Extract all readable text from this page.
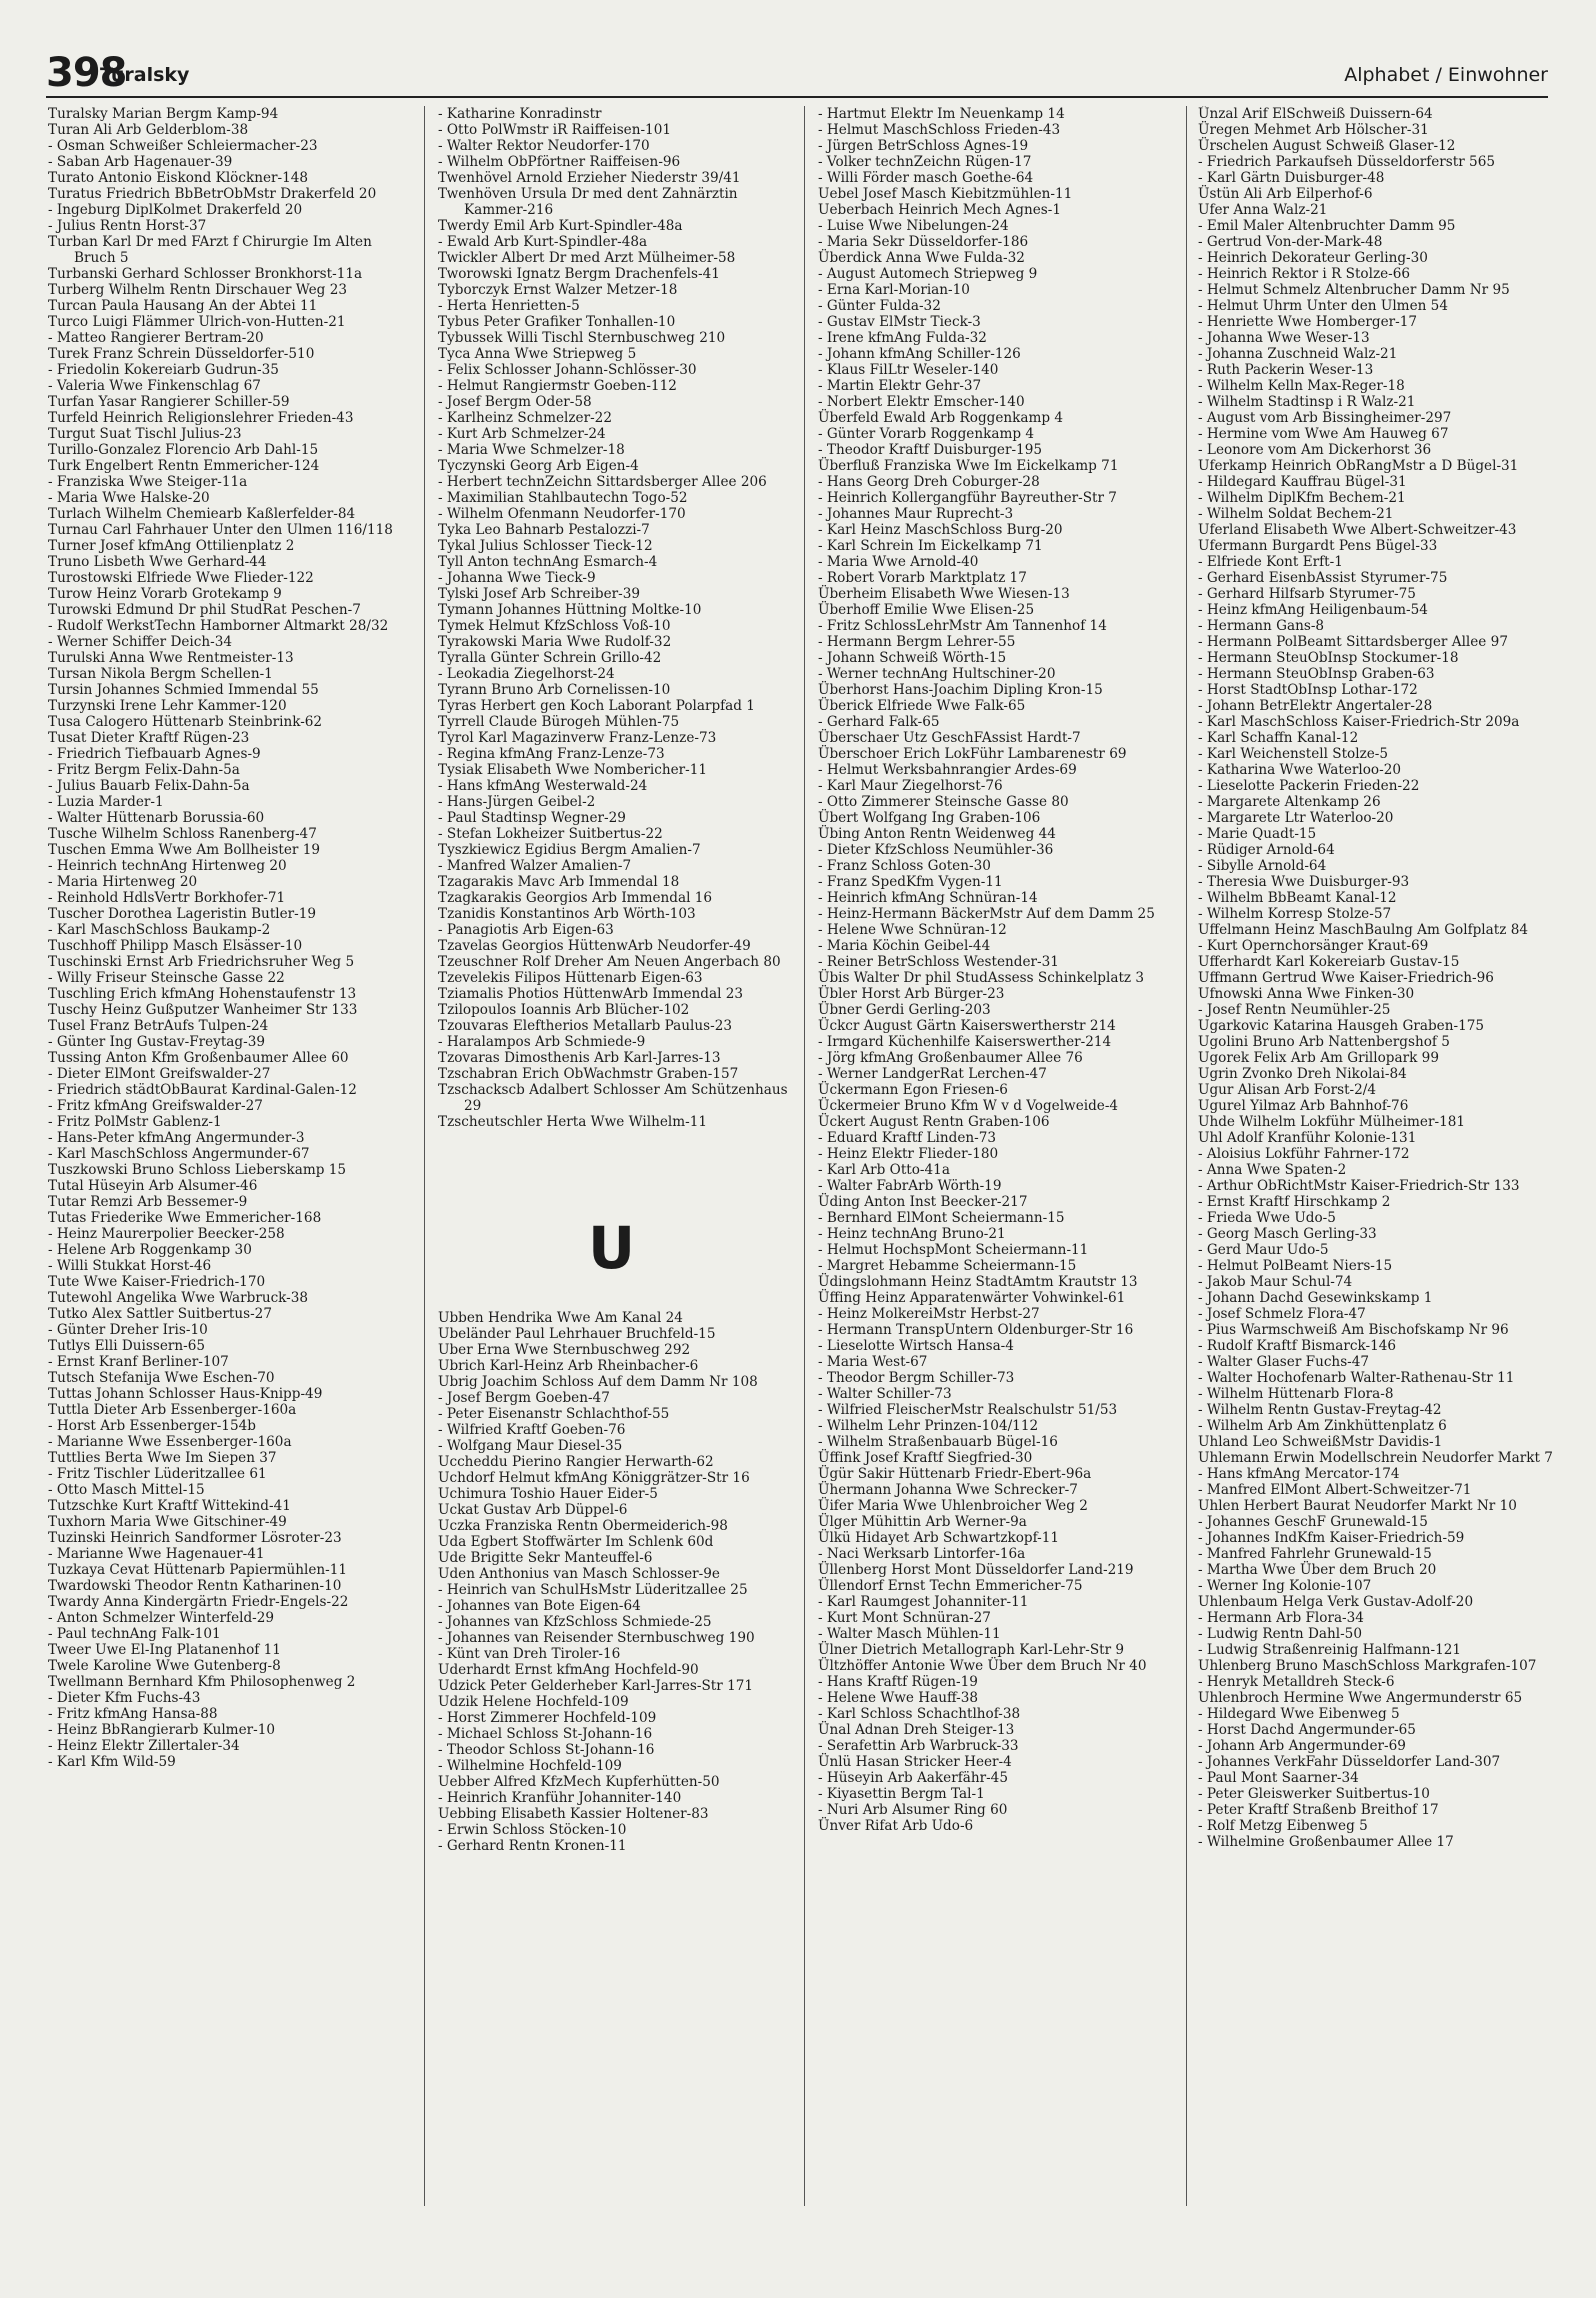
398
Turalsky	Alphabet / Einwohner
Turalsky Marian Bergm Kamp-94
Turan Ali Arb Gelderblom-38
- Osman Schweißer Schleiermacher-23
- Saban Arb Hagenauer-39
Turato Antonio Eiskond Klöckner-148
Turatus Friedrich BbBetrObMstr Drakerfeld 20
- Ingeburg DiplKolmet Drakerfeld 20
- Julius Rentn Horst-37
Turban Karl Dr med FArzt f Chirurgie Im Alten Bruch 5
Turbanski Gerhard Schlosser Bronkhorst-11a
Turberg Wilhelm Rentn Dirschauer Weg 23
Turcan Paula Hausang An der Abtei 11
Turco Luigi Flämmer Ulrich-von-Hutten-21
- Matteo Rangierer Bertram-20
Turek Franz Schrein Düsseldorfer-510
- Friedolin Kokereiarb Gudrun-35
- Valeria Wwe Finkenschlag 67
Turfan Yasar Rangierer Schiller-59
Turfeld Heinrich Religionslehrer Frieden-43
Turgut Suat Tischl Julius-23
Turillo-Gonzalez Florencio Arb Dahl-15
Turk Engelbert Rentn Emmericher-124
- Franziska Wwe Steiger-11a
- Maria Wwe Halske-20
Turlach Wilhelm Chemiearb Kaßlerfelder-84
Turnau Carl Fahrhauer Unter den Ulmen 116/118
Turner Josef kfmAng Ottilienplatz 2
Truno Lisbeth Wwe Gerhard-44
Turostowski Elfriede Wwe Flieder-122
Turow Heinz Vorarb Grotekamp 9
Turowski Edmund Dr phil StudRat Peschen-7
- Rudolf WerkstTechn Hamborner Altmarkt 28/32
- Werner Schiffer Deich-34
Turulski Anna Wwe Rentmeister-13
Tursan Nikola Bergm Schellen-1
Tursin Johannes Schmied Immendal 55
Turzynski Irene Lehr Kammer-120
Tusa Calogero Hüttenarb Steinbrink-62
Tusat Dieter Kraftf Rügen-23
- Friedrich Tiefbauarb Agnes-9
- Fritz Bergm Felix-Dahn-5a
- Julius Bauarb Felix-Dahn-5a
- Luzia Marder-1
- Walter Hüttenarb Borussia-60
Tusche Wilhelm Schloss Ranenberg-47
Tuschen Emma Wwe Am Bollheister 19
- Heinrich technAng Hirtenweg 20
- Maria Hirtenweg 20
- Reinhold HdlsVertr Borkhofer-71
Tuscher Dorothea Lageristin Butler-19
- Karl MaschSchloss Baukamp-2
Tuschhoff Philipp Masch Elsässer-10
Tuschinski Ernst Arb Friedrichsruher Weg 5
- Willy Friseur Steinsche Gasse 22
Tuschling Erich kfmAng Hohenstaufenstr 13
Tuschy Heinz Gußputzer Wanheimer Str 133
Tusel Franz BetrAufs Tulpen-24
- Günter Ing Gustav-Freytag-39
Tussing Anton Kfm Großenbaumer Allee 60
- Dieter ElMont Greifswalder-27
- Friedrich städtObBaurat Kardinal-Galen-12
- Fritz kfmAng Greifswalder-27
- Fritz PolMstr Gablenz-1
- Hans-Peter kfmAng Angermunder-3
- Karl MaschSchloss Angermunder-67
Tuszkowski Bruno Schloss Lieberskamp 15
Tutal Hüseyin Arb Alsumer-46
Tutar Remzi Arb Bessemer-9
Tutas Friederike Wwe Emmericher-168
- Heinz Maurerpolier Beecker-258
- Helene Arb Roggenkamp 30
- Willi Stukkat Horst-46
Tute Wwe Kaiser-Friedrich-170
Tutewohl Angelika Wwe Warbruck-38
Tutko Alex Sattler Suitbertus-27
- Günter Dreher Iris-10
Tutlys Elli Duissern-65
- Ernst Kranf Berliner-107
Tutsch Stefanija Wwe Eschen-70
Tuttas Johann Schlosser Haus-Knipp-49
Tuttla Dieter Arb Essenberger-160a
- Horst Arb Essenberger-154b
- Marianne Wwe Essenberger-160a
Tuttlies Berta Wwe Im Siepen 37
- Fritz Tischler Lüderitzallee 61
- Otto Masch Mittel-15
Tutzschke Kurt Kraftf Wittekind-41
Tuxhorn Maria Wwe Gitschiner-49
Tuzinski Heinrich Sandformer Lösroter-23
- Marianne Wwe Hagenauer-41
Tuzkaya Cevat Hüttenarb Papiermühlen-11
Twardowski Theodor Rentn Katharinen-10
Twardy Anna Kindergärtn Friedr-Engels-22
- Anton Schmelzer Winterfeld-29
- Paul technAng Falk-101
Tweer Uwe El-Ing Platanenhof 11
Twele Karoline Wwe Gutenberg-8
Twellmann Bernhard Kfm Philosophenweg 2
- Dieter Kfm Fuchs-43
- Fritz kfmAng Hansa-88
- Heinz BbRangierarb Kulmer-10
- Heinz Elektr Zillertaler-34
- Karl Kfm Wild-59
- Katharine Konradinstr
- Otto PolWmstr iR Raiffeisen-101
- Walter Rektor Neudorfer-170
- Wilhelm ObPförtner Raiffeisen-96
Twenhövel Arnold Erzieher Niederstr 39/41
Twenhöven Ursula Dr med dent Zahnärztin Kammer-216
Twerdy Emil Arb Kurt-Spindler-48a
- Ewald Arb Kurt-Spindler-48a
Twickler Albert Dr med Arzt Mülheimer-58
Tworowski Ignatz Bergm Drachenfels-41
Tyborczyk Ernst Walzer Metzer-18
- Herta Henrietten-5
Tybus Peter Grafiker Tonhallen-10
Tybussek Willi Tischl Sternbuschweg 210
Tyca Anna Wwe Striepweg 5
- Felix Schlosser Johann-Schlösser-30
- Helmut Rangiermstr Goeben-112
- Josef Bergm Oder-58
- Karlheinz Schmelzer-22
- Kurt Arb Schmelzer-24
- Maria Wwe Schmelzer-18
Tyczynski Georg Arb Eigen-4
- Herbert technZeichn Sittardsberger Allee 206
- Maximilian Stahlbautechn Togo-52
- Wilhelm Ofenmann Neudorfer-170
Tyka Leo Bahnarb Pestalozzi-7
Tykal Julius Schlosser Tieck-12
Tyll Anton technAng Esmarch-4
- Johanna Wwe Tieck-9
Tylski Josef Arb Schreiber-39
Tymann Johannes Hüttning Moltke-10
Tymek Helmut KfzSchloss Voß-10
Tyrakowski Maria Wwe Rudolf-32
Tyralla Günter Schrein Grillo-42
- Leokadia Ziegelhorst-24
Tyrann Bruno Arb Cornelissen-10
Tyras Herbert gen Koch Laborant Polarpfad 1
Tyrrell Claude Bürogeh Mühlen-75
Tyrol Karl Magazinverw Franz-Lenze-73
- Regina kfmAng Franz-Lenze-73
Tysiak Elisabeth Wwe Nombericher-11
- Hans kfmAng Westerwald-24
- Hans-Jürgen Geibel-2
- Paul Stadtinsp Wegner-29
- Stefan Lokheizer Suitbertus-22
Tyszkiewicz Egidius Bergm Amalien-7
- Manfred Walzer Amalien-7
Tzagarakis Mavc Arb Immendal 18
Tzagkarakis Georgios Arb Immendal 16
Tzanidis Konstantinos Arb Wörth-103
- Panagiotis Arb Eigen-63
Tzavelas Georgios HüttenwArb Neudorfer-49
Tzeuschner Rolf Dreher Am Neuen Angerbach 80
Tzevelekis Filipos Hüttenarb Eigen-63
Tziamalis Photios HüttenwArb Immendal 23
Tzilopoulos Ioannis Arb Blücher-102
Tzouvaras Eleftherios Metallarb Paulus-23
- Haralampos Arb Schmiede-9
Tzovaras Dimosthenis Arb Karl-Jarres-13
Tzschabran Erich ObWachmstr Graben-157
Tzschackscb Adalbert Schlosser Am Schützenhaus 29
Tzscheutschler Herta Wwe Wilhelm-11
U
Ubben Hendrika Wwe Am Kanal 24
Ubeländer Paul Lehrhauer Bruchfeld-15
Uber Erna Wwe Sternbuschweg 292
Ubrich Karl-Heinz Arb Rheinbacher-6
Ubrig Joachim Schloss Auf dem Damm Nr 108
- Josef Bergm Goeben-47
- Peter Eisenanstr Schlachthof-55
- Wilfried Kraftf Goeben-76
- Wolfgang Maur Diesel-35
Uccheddu Pierino Rangier Herwarth-62
Uchdorf Helmut kfmAng Königgrätzer-Str 16
Uchimura Toshio Hauer Eider-5
Uckat Gustav Arb Düppel-6
Uczka Franziska Rentn Obermeiderich-98
Uda Egbert Stoffwärter Im Schlenk 60d
Ude Brigitte Sekr Manteuffel-6
Uden Anthonius van Masch Schlosser-9e
- Heinrich van SchulHsMstr Lüderitzallee 25
- Johannes van Bote Eigen-64
- Johannes van KfzSchloss Schmiede-25
- Johannes van Reisender Sternbuschweg 190
- Künt van Dreh Tiroler-16
Uderhardt Ernst kfmAng Hochfeld-90
Udzick Peter Gelderheber Karl-Jarres-Str 171
Udzik Helene Hochfeld-109
- Horst Zimmerer Hochfeld-109
- Michael Schloss St-Johann-16
- Theodor Schloss St-Johann-16
- Wilhelmine Hochfeld-109
Uebber Alfred KfzMech Kupferhütten-50
- Heinrich Kranführ Johanniter-140
Uebbing Elisabeth Kassier Holtener-83
- Erwin Schloss Stöcken-10
- Gerhard Rentn Kronen-11
- Hartmut Elektr Im Neuenkamp 14
- Helmut MaschSchloss Frieden-43
- Jürgen BetrSchloss Agnes-19
- Volker technZeichn Rügen-17
- Willi Förder masch Goethe-64
Uebel Josef Masch Kiebitzmühlen-11
Ueberbach Heinrich Mech Agnes-1
- Luise Wwe Nibelungen-24
- Maria Sekr Düsseldorfer-186
Überdick Anna Wwe Fulda-32
- August Automech Striepweg 9
- Erna Karl-Morian-10
- Günter Fulda-32
- Gustav ElMstr Tieck-3
- Irene kfmAng Fulda-32
- Johann kfmAng Schiller-126
- Klaus FilLtr Weseler-140
- Martin Elektr Gehr-37
- Norbert Elektr Emscher-140
Überfeld Ewald Arb Roggenkamp 4
- Günter Vorarb Roggenkamp 4
- Theodor Kraftf Duisburger-195
Überfluß Franziska Wwe Im Eickelkamp 71
- Hans Georg Dreh Coburger-28
- Heinrich Kollergangführ Bayreuther-Str 7
- Johannes Maur Ruprecht-3
- Karl Heinz MaschSchloss Burg-20
- Karl Schrein Im Eickelkamp 71
- Maria Wwe Arnold-40
- Robert Vorarb Marktplatz 17
Überheim Elisabeth Wwe Wiesen-13
Überhoff Emilie Wwe Elisen-25
- Fritz SchlossLehrMstr Am Tannenhof 14
- Hermann Bergm Lehrer-55
- Johann Schweiß Wörth-15
- Werner technAng Hultschiner-20
Überhorst Hans-Joachim Dipling Kron-15
Überick Elfriede Wwe Falk-65
- Gerhard Falk-65
Überschaer Utz GeschFAssist Hardt-7
Überschoer Erich LokFühr Lambarenestr 69
- Helmut Werksbahnrangier Ardes-69
- Karl Maur Ziegelhorst-76
- Otto Zimmerer Steinsche Gasse 80
Übert Wolfgang Ing Graben-106
Übing Anton Rentn Weidenweg 44
- Dieter KfzSchloss Neumühler-36
- Franz Schloss Goten-30
- Franz SpedKfm Vygen-11
- Heinrich kfmAng Schnüran-14
- Heinz-Hermann BäckerMstr Auf dem Damm 25
- Helene Wwe Schnüran-12
- Maria Köchin Geibel-44
- Reiner BetrSchloss Westender-31
Übis Walter Dr phil StudAssess Schinkelplatz 3
Übler Horst Arb Bürger-23
Übner Gerdi Gerling-203
Ückcr August Gärtn Kaiserswertherstr 214
- Irmgard Küchenhilfe Kaiserswerther-214
- Jörg kfmAng Großenbaumer Allee 76
- Werner LandgerRat Lerchen-47
Ückermann Egon Friesen-6
Ückermeier Bruno Kfm W v d Vogelweide-4
Ückert August Rentn Graben-106
- Eduard Kraftf Linden-73
- Heinz Elektr Flieder-180
- Karl Arb Otto-41a
- Walter FabrArb Wörth-19
Üding Anton Inst Beecker-217
- Bernhard ElMont Scheiermann-15
- Heinz technAng Bruno-21
- Helmut HochspMont Scheiermann-11
- Margret Hebamme Scheiermann-15
Üdingslohmann Heinz StadtAmtm Krautstr 13
Üffing Heinz Apparatenwärter Vohwinkel-61
- Heinz MolkereiMstr Herbst-27
- Hermann TranspUntern Oldenburger-Str 16
- Lieselotte Wirtsch Hansa-4
- Maria West-67
- Theodor Bergm Schiller-73
- Walter Schiller-73
- Wilfried FleischerMstr Realschulstr 51/53
- Wilhelm Lehr Prinzen-104/112
- Wilhelm Straßenbauarb Bügel-16
Üffink Josef Kraftf Siegfried-30
Ügür Sakir Hüttenarb Friedr-Ebert-96a
Ühermann Johanna Wwe Schrecker-7
Üifer Maria Wwe Uhlenbroicher Weg 2
Ülger Mühittin Arb Werner-9a
Ülkü Hidayet Arb Schwartzkopf-11
- Naci Werksarb Lintorfer-16a
Üllenberg Horst Mont Düsseldorfer Land-219
Üllendorf Ernst Techn Emmericher-75
- Karl Raumgest Johanniter-11
- Kurt Mont Schnüran-27
- Walter Masch Mühlen-11
Ülner Dietrich Metallograph Karl-Lehr-Str 9
Ültzhöffer Antonie Wwe Über dem Bruch Nr 40
- Hans Kraftf Rügen-19
- Helene Wwe Hauff-38
- Karl Schloss Schachtlhof-38
Ünal Adnan Dreh Steiger-13
- Serafettin Arb Warbruck-33
Ünlü Hasan Stricker Heer-4
- Hüseyin Arb Aakerfähr-45
- Kiyasettin Bergm Tal-1
- Nuri Arb Alsumer Ring 60
Ünver Rifat Arb Udo-6
Ünzal Arif ElSchweiß Duissern-64
Üregen Mehmet Arb Hölscher-31
Ürschelen August Schweiß Glaser-12
- Friedrich Parkaufseh Düsseldorferstr 565
- Karl Gärtn Duisburger-48
Üstün Ali Arb Eilperhof-6
Ufer Anna Walz-21
- Emil Maler Altenbruchter Damm 95
- Gertrud Von-der-Mark-48
- Heinrich Dekorateur Gerling-30
- Heinrich Rektor i R Stolze-66
- Helmut Schmelz Altenbrucher Damm Nr 95
- Helmut Uhrm Unter den Ulmen 54
- Henriette Wwe Homberger-17
- Johanna Wwe Weser-13
- Johanna Zuschneid Walz-21
- Ruth Packerin Weser-13
- Wilhelm Kelln Max-Reger-18
- Wilhelm Stadtinsp i R Walz-21
- August vom Arb Bissingheimer-297
- Hermine vom Wwe Am Hauweg 67
- Leonore vom Am Dickerhorst 36
Uferkamp Heinrich ObRangMstr a D Bügel-31
- Hildegard Kauffrau Bügel-31
- Wilhelm DiplKfm Bechem-21
- Wilhelm Soldat Bechem-21
Uferland Elisabeth Wwe Albert-Schweitzer-43
Ufermann Burgardt Pens Bügel-33
- Elfriede Kont Erft-1
- Gerhard EisenbAssist Styrumer-75
- Gerhard Hilfsarb Styrumer-75
- Heinz kfmAng Heiligenbaum-54
- Hermann Gans-8
- Hermann PolBeamt Sittardsberger Allee 97
- Hermann SteuObInsp Stockumer-18
- Hermann SteuObInsp Graben-63
- Horst StadtObInsp Lothar-172
- Johann BetrElektr Angertaler-28
- Karl MaschSchloss Kaiser-Friedrich-Str 209a
- Karl Schaffn Kanal-12
- Karl Weichenstell Stolze-5
- Katharina Wwe Waterloo-20
- Lieselotte Packerin Frieden-22
- Margarete Altenkamp 26
- Margarete Ltr Waterloo-20
- Marie Quadt-15
- Rüdiger Arnold-64
- Sibylle Arnold-64
- Theresia Wwe Duisburger-93
- Wilhelm BbBeamt Kanal-12
- Wilhelm Korresp Stolze-57
Uffelmann Heinz MaschBaulng Am Golfplatz 84
- Kurt Opernchorsänger Kraut-69
Ufferhardt Karl Kokereiarb Gustav-15
Uffmann Gertrud Wwe Kaiser-Friedrich-96
Ufnowski Anna Wwe Finken-30
- Josef Rentn Neumühler-25
Ugarkovic Katarina Hausgeh Graben-175
Ugolini Bruno Arb Nattenbergshof 5
Ugorek Felix Arb Am Grillopark 99
Ugrin Zvonko Dreh Nikolai-84
Ugur Alisan Arb Forst-2/4
Ugurel Yilmaz Arb Bahnhof-76
Uhde Wilhelm Lokführ Mülheimer-181
Uhl Adolf Kranführ Kolonie-131
- Aloisius Lokführ Fahrner-172
- Anna Wwe Spaten-2
- Arthur ObRichtMstr Kaiser-Friedrich-Str 133
- Ernst Kraftf Hirschkamp 2
- Frieda Wwe Udo-5
- Georg Masch Gerling-33
- Gerd Maur Udo-5
- Helmut PolBeamt Niers-15
- Jakob Maur Schul-74
- Johann Dachd Gesewinkskamp 1
- Josef Schmelz Flora-47
- Pius Warmschweiß Am Bischofskamp Nr 96
- Rudolf Kraftf Bismarck-146
- Walter Glaser Fuchs-47
- Walter Hochofenarb Walter-Rathenau-Str 11
- Wilhelm Hüttenarb Flora-8
- Wilhelm Rentn Gustav-Freytag-42
- Wilhelm Arb Am Zinkhüttenplatz 6
Uhland Leo SchweißMstr Davidis-1
Uhlemann Erwin Modellschrein Neudorfer Markt 7
- Hans kfmAng Mercator-174
- Manfred ElMont Albert-Schweitzer-71
Uhlen Herbert Baurat Neudorfer Markt Nr 10
- Johannes GeschF Grunewald-15
- Johannes IndKfm Kaiser-Friedrich-59
- Manfred Fahrlehr Grunewald-15
- Martha Wwe Über dem Bruch 20
- Werner Ing Kolonie-107
Uhlenbaum Helga Verk Gustav-Adolf-20
- Hermann Arb Flora-34
- Ludwig Rentn Dahl-50
- Ludwig Straßenreinig Halfmann-121
Uhlenberg Bruno MaschSchloss Markgrafen-107
- Henryk Metalldreh Steck-6
Uhlenbroch Hermine Wwe Angermunderstr 65
- Hildegard Wwe Eibenweg 5
- Horst Dachd Angermunder-65
- Johann Arb Angermunder-69
- Johannes VerkFahr Düsseldorfer Land-307
- Paul Mont Saarner-34
- Peter Gleiswerker Suitbertus-10
- Peter Kraftf Straßenb Breithof 17
- Rolf Metzg Eibenweg 5
- Wilhelmine Großenbaumer Allee 17
